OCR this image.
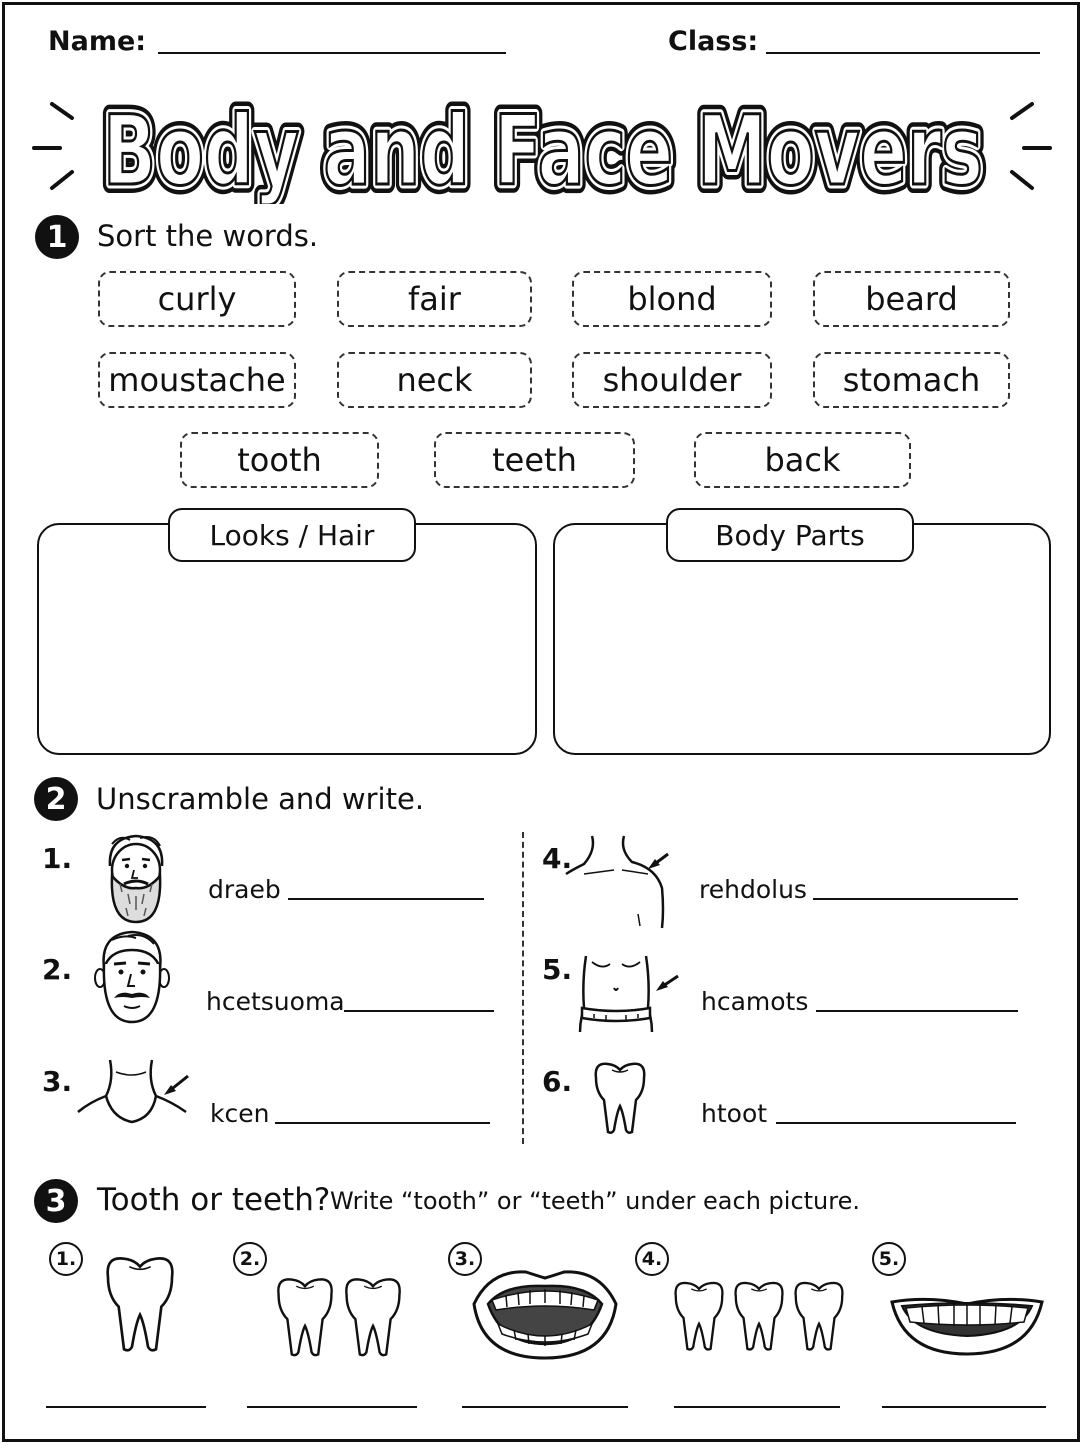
Name:	Class:
Body and Face Movers
Body and Face Movers
Body and Face Movers
1	Sort the words.
curly	fair	blond	beard
moustache	neck	shoulder	stomach
tooth	teeth	back
Looks / Hair	Body Parts
2	Unscramble and write.
1.
draeb
2.
hcetsuoma
3.
kcen
4.
rehdolus
5.
hcamots
6.
htoot
3 Tooth or teeth? Write “tooth” or “teeth” under each picture.
1.	2.	3.	4.	5.
